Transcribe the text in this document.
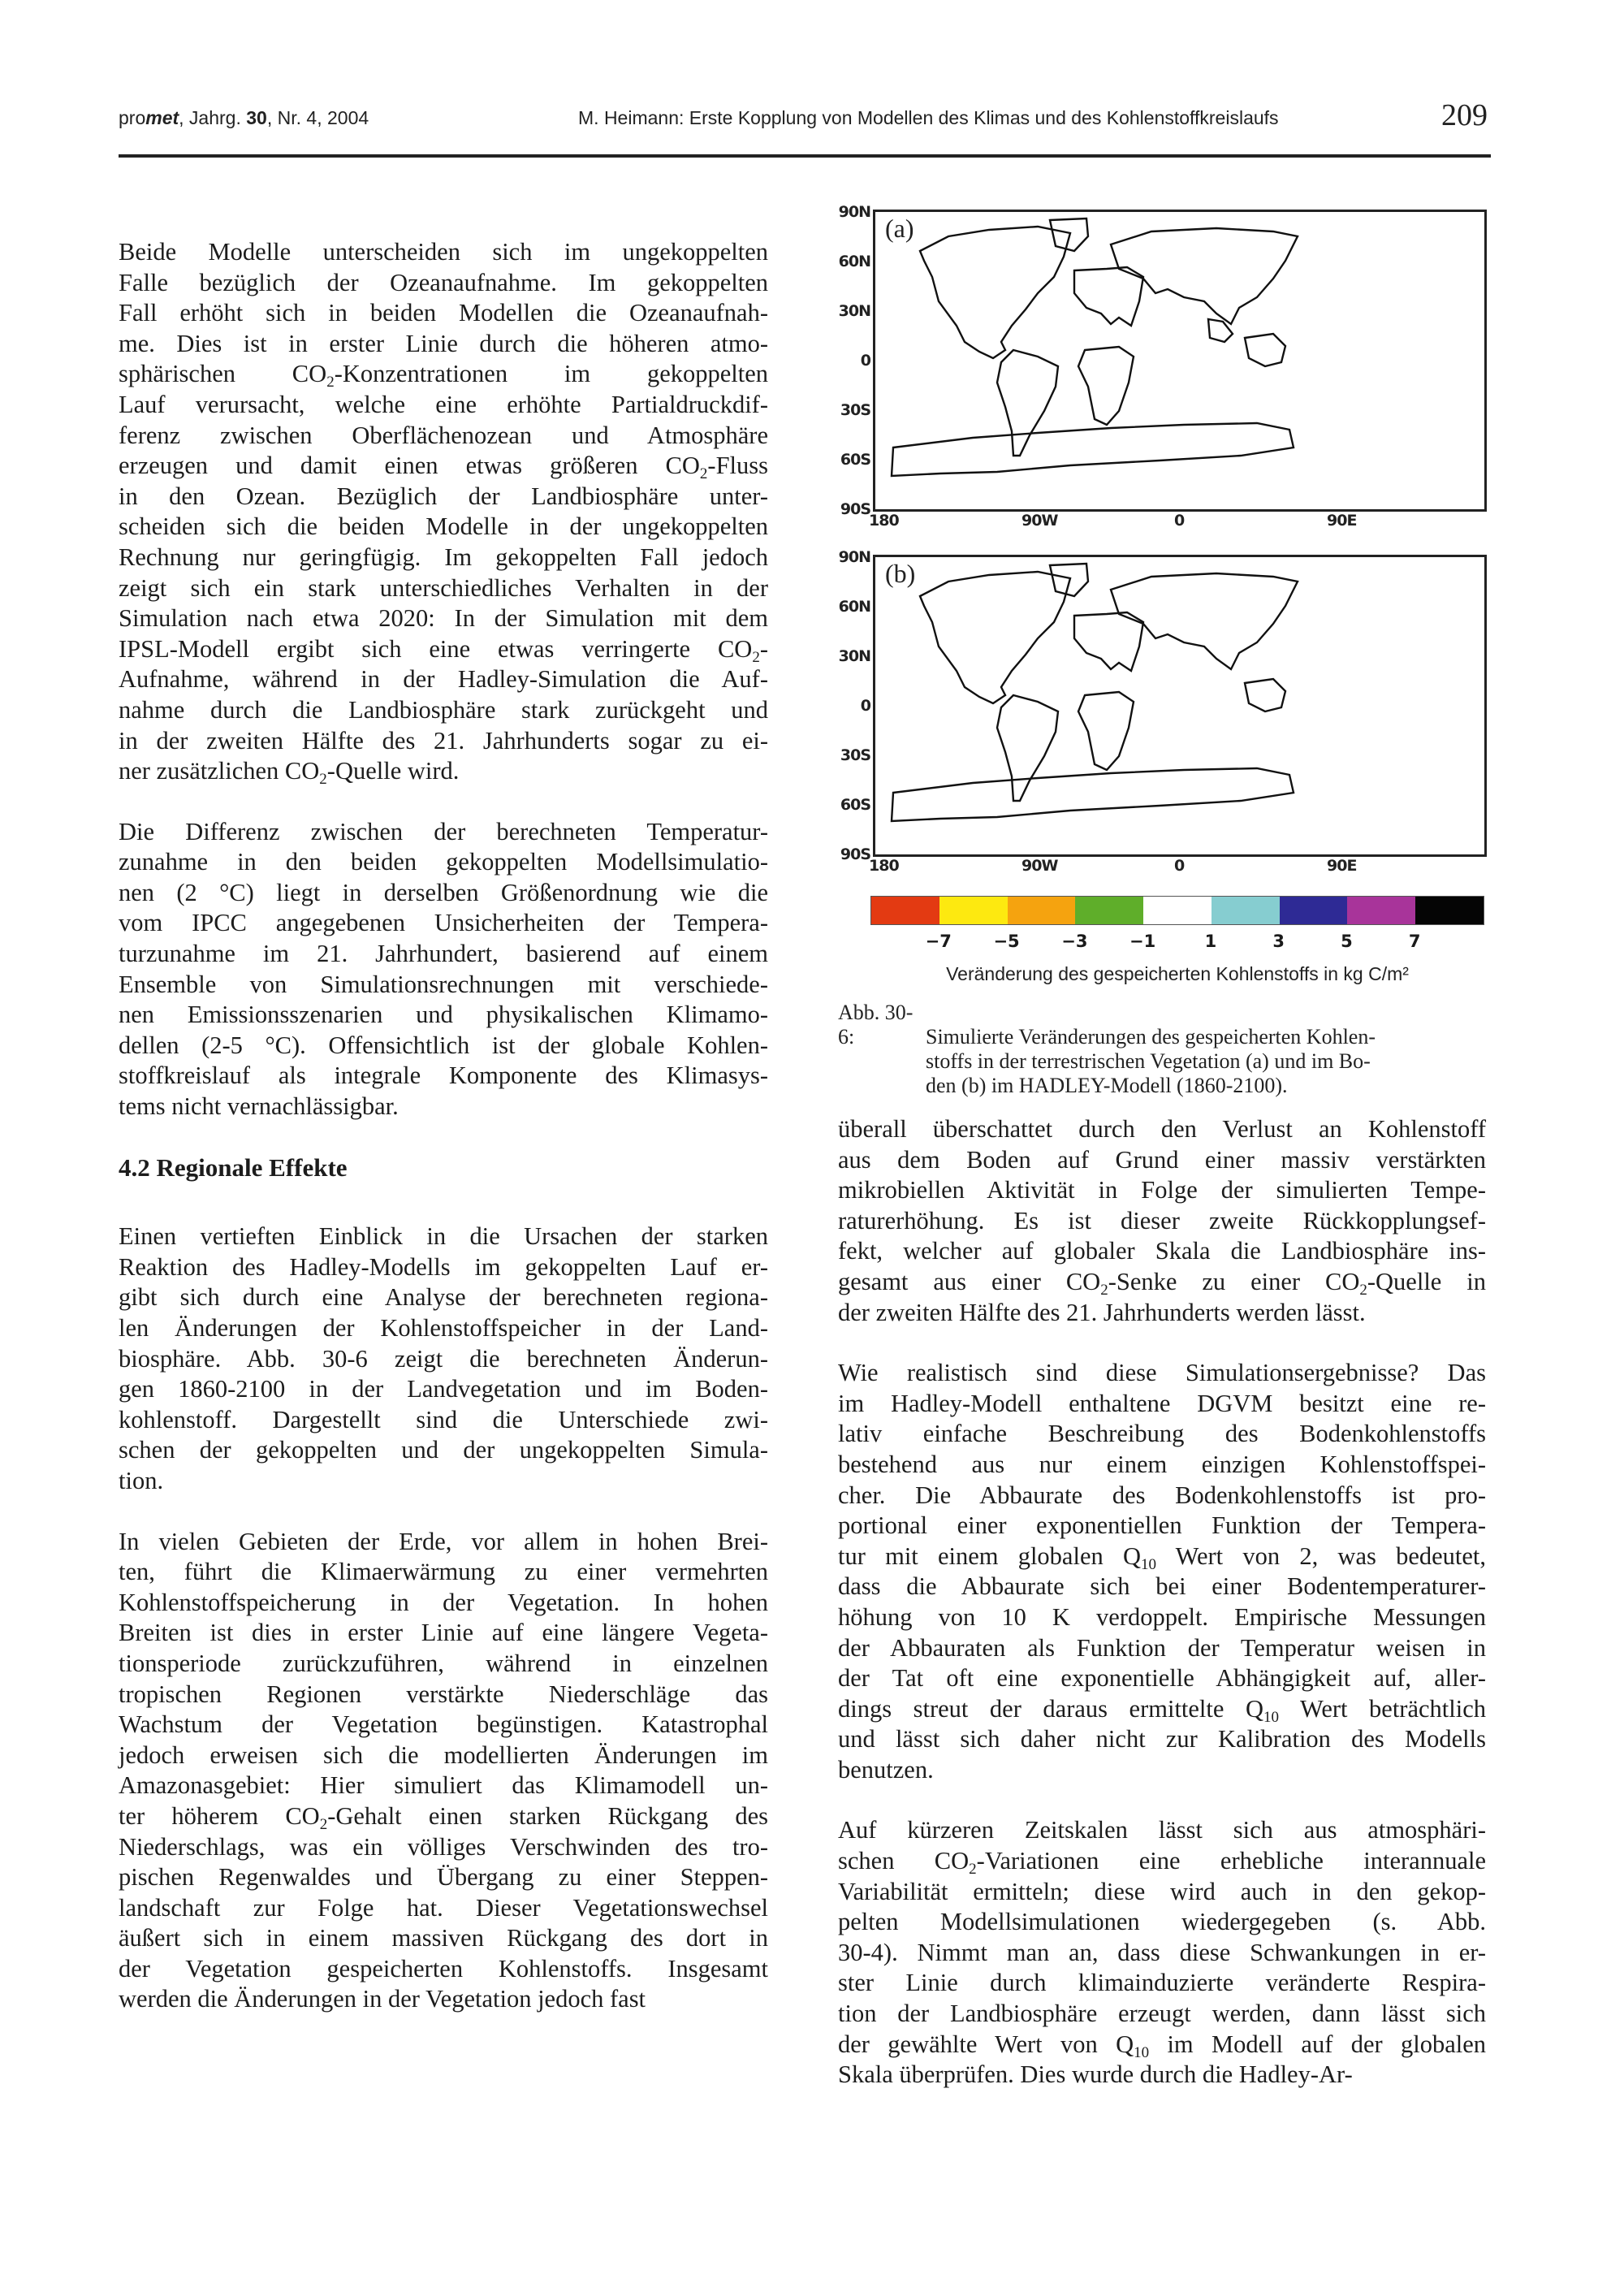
promet, Jahrg. 30, Nr. 4, 2004	M. Heimann: Erste Kopplung von Modellen des Klimas und des Kohlenstoffkreislaufs	209
Beide Modelle unterscheiden sich im ungekoppelten
Falle bezüglich der Ozeanaufnahme. Im gekoppelten
Fall erhöht sich in beiden Modellen die Ozeanaufnah-
me. Dies ist in erster Linie durch die höheren atmo-
sphärischen $CO_2$-Konzentrationen im gekoppelten
Lauf verursacht, welche eine erhöhte Partialdruckdif-
ferenz zwischen Oberflächenozean und Atmosphäre
erzeugen und damit einen etwas größeren $CO_2$-Fluss
in den Ozean. Bezüglich der Landbiosphäre unter-
scheiden sich die beiden Modelle in der ungekoppelten
Rechnung nur geringfügig. Im gekoppelten Fall jedoch
zeigt sich ein stark unterschiedliches Verhalten in der
Simulation nach etwa 2020: In der Simulation mit dem
IPSL-Modell ergibt sich eine etwas verringerte $CO_2-$
Aufnahme, während in der Hadley-Simulation die Auf-
nahme durch die Landbiosphäre stark zurückgeht und
in der zweiten Hälfte des 21. Jahrhunderts sogar zu ei-
ner zusätzlichen $CO_2$-Quelle wird.
Die Differenz zwischen der berechneten Temperatur-
zunahme in den beiden gekoppelten Modellsimulatio-
nen (2 °C) liegt in derselben Größenordnung wie die
vom IPCC angegebenen Unsicherheiten der Tempera-
turzunahme im 21. Jahrhundert, basierend auf einem
Ensemble von Simulationsrechnungen mit verschiede-
nen Emissionsszenarien und physikalischen Klimamo-
dellen (2-5 °C). Offensichtlich ist der globale Kohlen-
stoffkreislauf als integrale Komponente des Klimasys-
tems nicht vernachlässigbar.
4.2 Regionale Effekte
Einen vertieften Einblick in die Ursachen der starken
Reaktion des Hadley-Modells im gekoppelten Lauf er-
gibt sich durch eine Analyse der berechneten regiona-
len Änderungen der Kohlenstoffspeicher in der Land-
biosphäre. Abb. 30-6 zeigt die berechneten Änderun-
gen 1860-2100 in der Landvegetation und im Boden-
kohlenstoff. Dargestellt sind die Unterschiede zwi-
schen der gekoppelten und der ungekoppelten Simula-
tion.
In vielen Gebieten der Erde, vor allem in hohen Brei-
ten, führt die Klimaerwärmung zu einer vermehrten
Kohlenstoffspeicherung in der Vegetation. In hohen
Breiten ist dies in erster Linie auf eine längere Vegeta-
tionsperiode zurückzuführen, während in einzelnen
tropischen Regionen verstärkte Niederschläge das
Wachstum der Vegetation begünstigen. Katastrophal
jedoch erweisen sich die modellierten Änderungen im
Amazonasgebiet: Hier simuliert das Klimamodell un-
ter höherem $CO_2$-Gehalt einen starken Rückgang des
Niederschlags, was ein völliges Verschwinden des tro-
pischen Regenwaldes und Übergang zu einer Steppen-
landschaft zur Folge hat. Dieser Vegetationswechsel
äußert sich in einem massiven Rückgang des dort in
der Vegetation gespeicherten Kohlenstoffs. Insgesamt
werden die Änderungen in der Vegetation jedoch fast
(a)
(b)
90N
60N
30N
0
30S
60S
90S
180	90W	0	90E
90N
60N
30N
0
30S
60S
90S
180	90W	0	90E
−7 −5 −3 −1	1	3	5	7
Veränderung des gespeicherten Kohlenstoffs in kg C/m²
Abb. 30-6:	Simulierte Veränderungen des gespeicherten Kohlen-
stoffs in der terrestrischen Vegetation (a) und im Bo-
den (b) im HADLEY-Modell (1860-2100).
überall überschattet durch den Verlust an Kohlenstoff
aus dem Boden auf Grund einer massiv verstärkten
mikrobiellen Aktivität in Folge der simulierten Tempe-
raturerhöhung. Es ist dieser zweite Rückkopplungsef-
fekt, welcher auf globaler Skala die Landbiosphäre ins-
gesamt aus einer $CO_2$-Senke zu einer $CO_2$-Quelle in
der zweiten Hälfte des 21. Jahrhunderts werden lässt.
Wie realistisch sind diese Simulationsergebnisse? Das
im Hadley-Modell enthaltene DGVM besitzt eine re-
lativ einfache Beschreibung des Bodenkohlenstoffs
bestehend aus nur einem einzigen Kohlenstoffspei-
cher. Die Abbaurate des Bodenkohlenstoffs ist pro-
portional einer exponentiellen Funktion der Tempera-
tur mit einem globalen $Q_{10}$ Wert von 2, was bedeutet,
dass die Abbaurate sich bei einer Bodentemperaturer-
höhung von 10 K verdoppelt. Empirische Messungen
der Abbauraten als Funktion der Temperatur weisen in
der Tat oft eine exponentielle Abhängigkeit auf, aller-
dings streut der daraus ermittelte $Q_{10}$ Wert beträchtlich
und lässt sich daher nicht zur Kalibration des Modells
benutzen.
Auf kürzeren Zeitskalen lässt sich aus atmosphäri-
schen $CO_2$-Variationen eine erhebliche interannuale
Variabilität ermitteln; diese wird auch in den gekop-
pelten Modellsimulationen wiedergegeben (s. Abb.
30-4). Nimmt man an, dass diese Schwankungen in er-
ster Linie durch klimainduzierte veränderte Respira-
tion der Landbiosphäre erzeugt werden, dann lässt sich
der gewählte Wert von $Q_{10}$ im Modell auf der globalen
Skala überprüfen. Dies wurde durch die Hadley-Ar-
